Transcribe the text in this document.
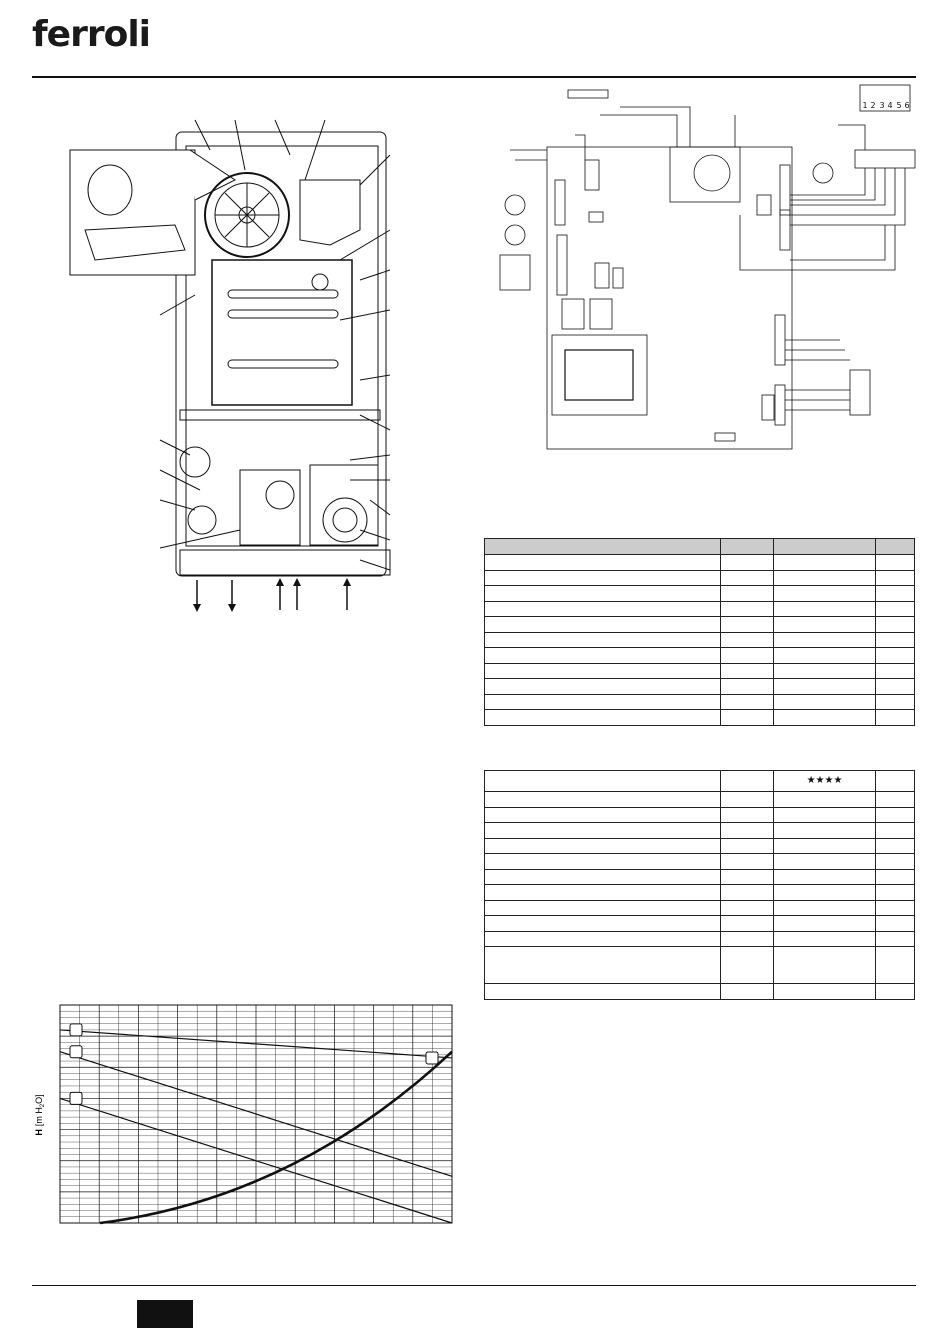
ferroli
1 2 3 4 5 6

		★★★★	

H[m $H_2O$]
